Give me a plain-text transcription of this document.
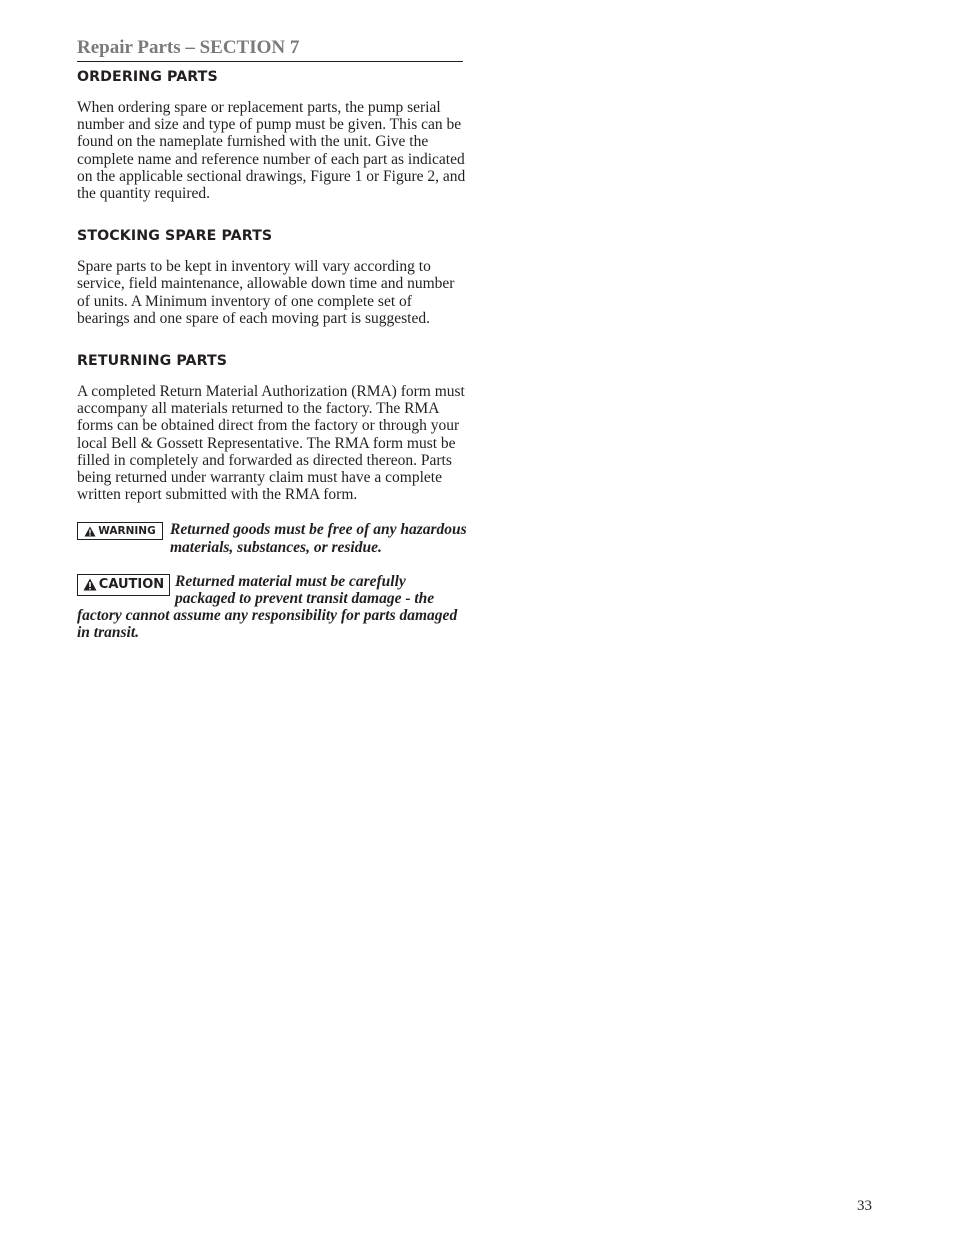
Repair Parts – SECTION 7
ORDERING PARTS

When ordering spare or replacement parts, the pump serial number and size and type of pump must be given. This can be found on the nameplate furnished with the unit. Give the complete name and reference number of each part as indicated on the applicable sectional drawings, Figure 1 or Figure 2, and the quantity required.

STOCKING SPARE PARTS

Spare parts to be kept in inventory will vary according to service, field maintenance, allowable down time and number of units. A Minimum inventory of one complete set of bearings and one spare of each moving part is suggested.

RETURNING PARTS

A completed Return Material Authorization (RMA) form must accompany all materials returned to the factory. The RMA forms can be obtained direct from the factory or through your local Bell & Gossett Representative. The RMA form must be filled in completely and forwarded as directed thereon. Parts being returned under warranty claim must have a complete written report submitted with the RMA form.

WARNING Returned goods must be free of any hazardous materials, substances, or residue.
CAUTION Returned material must be carefully packaged to prevent transit damage - the factory cannot assume any responsibility for parts damaged in transit.
33
